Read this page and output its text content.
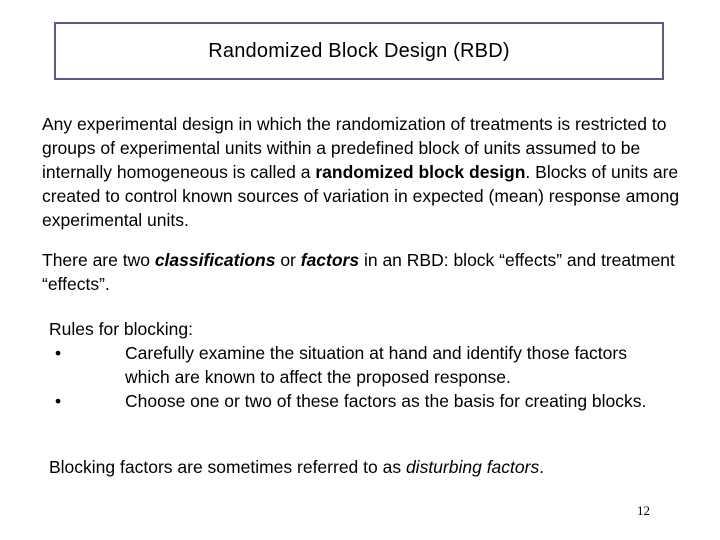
Randomized Block Design (RBD)

Any experimental design in which the randomization of treatments is restricted to groups of experimental units within a predefined block of units assumed to be internally homogeneous is called a randomized block design. Blocks of units are created to control known sources of variation in expected (mean) response among experimental units.

There are two classifications or factors in an RBD: block “effects” and treatment “effects”.

Rules for blocking:
•	Carefully examine the situation at hand and identify those factors which are known to affect the proposed response.
•	Choose one or two of these factors as the basis for creating blocks.

Blocking factors are sometimes referred to as disturbing factors.

12
